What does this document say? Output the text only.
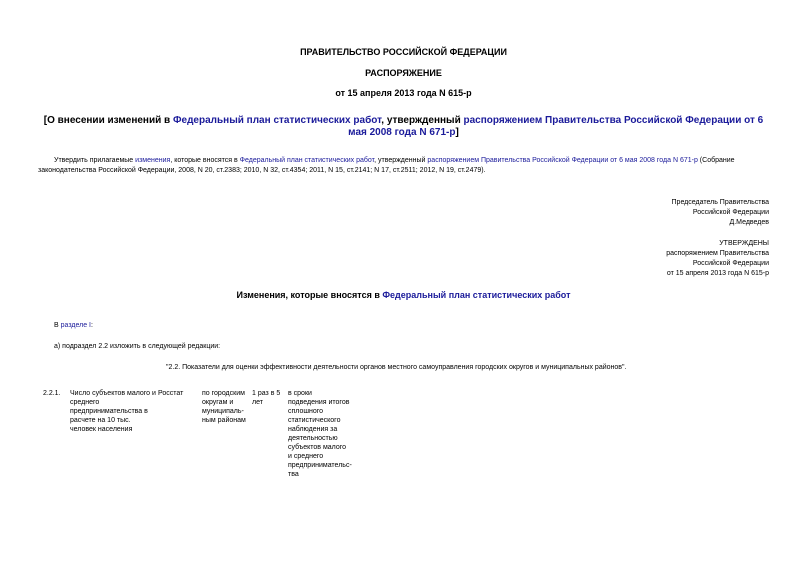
ПРАВИТЕЛЬСТВО РОССИЙСКОЙ ФЕДЕРАЦИИ
РАСПОРЯЖЕНИЕ
от 15 апреля 2013 года N 615-р
[О внесении изменений в Федеральный план статистических работ, утвержденный распоряжением Правительства Российской Федерации от 6 мая 2008 года N 671-р]
Утвердить прилагаемые изменения, которые вносятся в Федеральный план статистических работ, утвержденный распоряжением Правительства Российской Федерации от 6 мая 2008 года N 671-р (Собрание законодательства Российской Федерации, 2008, N 20, ст.2383; 2010, N 32, ст.4354; 2011, N 15, ст.2141; N 17, ст.2511; 2012, N 19, ст.2479).
Председатель Правительства
Российской Федерации
Д.Медведев
УТВЕРЖДЕНЫ
распоряжением Правительства
Российской Федерации
от 15 апреля 2013 года N 615-р
Изменения, которые вносятся в Федеральный план статистических работ
В разделе I:
а) подраздел 2.2 изложить в следующей редакции:
"2.2. Показатели для оценки эффективности деятельности органов местного самоуправления городских округов и муниципальных районов".
2.2.1. Число субъектов малого и
среднего
предпринимательства в
расчете на 10 тыс.
человек населения
Росстат	по городским
округам и
муниципаль-
ным районам
1 раз в 5
лет
в сроки
подведения итогов
сплошного
статистического
наблюдения за
деятельностью
субъектов малого
и среднего
предпринимательс-
тва
